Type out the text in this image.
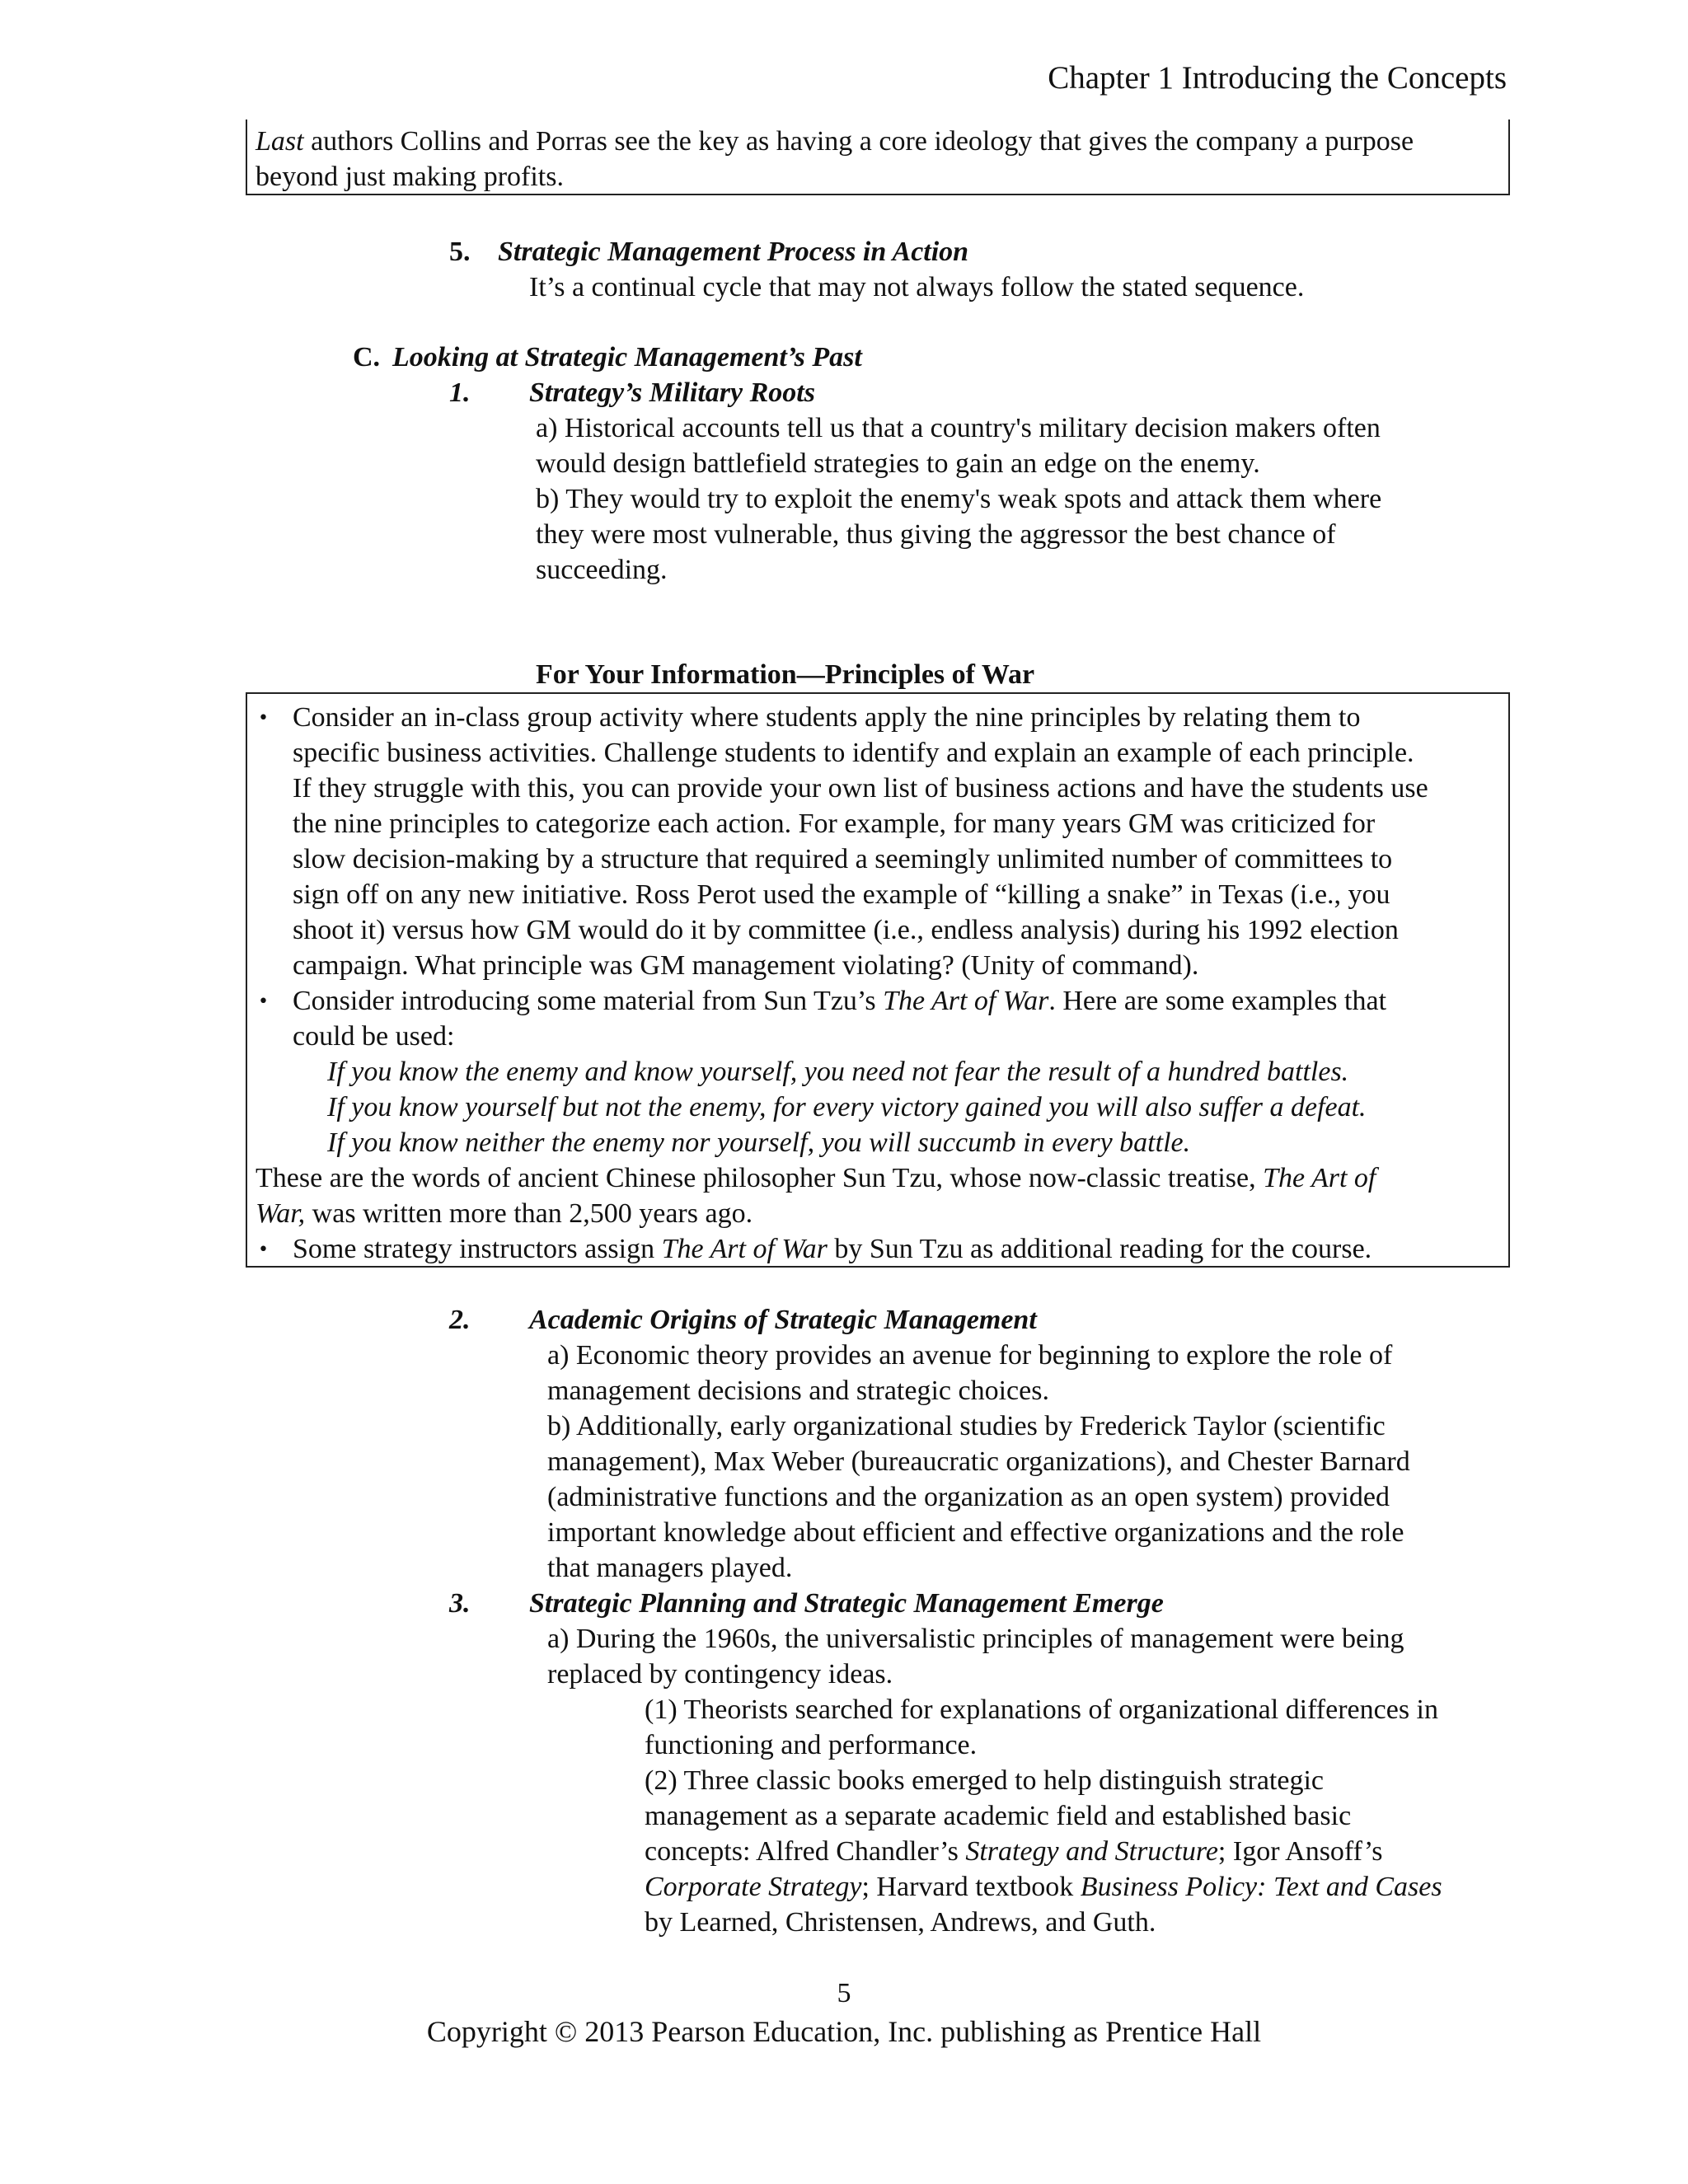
Chapter 1 Introducing the Concepts
Last authors Collins and Porras see the key as having a core ideology that gives the company a purpose
beyond just making profits.
5. Strategic Management Process in Action
It’s a continual cycle that may not always follow the stated sequence.
C. Looking at Strategic Management’s Past
1. Strategy’s Military Roots
a) Historical accounts tell us that a country's military decision makers often
would design battlefield strategies to gain an edge on the enemy.
b) They would try to exploit the enemy's weak spots and attack them where
they were most vulnerable, thus giving the aggressor the best chance of
succeeding.
For Your Information—Principles of War
• Consider an in-class group activity where students apply the nine principles by relating them to
specific business activities. Challenge students to identify and explain an example of each principle.
If they struggle with this, you can provide your own list of business actions and have the students use
the nine principles to categorize each action. For example, for many years GM was criticized for
slow decision-making by a structure that required a seemingly unlimited number of committees to
sign off on any new initiative. Ross Perot used the example of “killing a snake” in Texas (i.e., you
shoot it) versus how GM would do it by committee (i.e., endless analysis) during his 1992 election
campaign. What principle was GM management violating? (Unity of command).
• Consider introducing some material from Sun Tzu’s The Art of War. Here are some examples that
could be used:
If you know the enemy and know yourself, you need not fear the result of a hundred battles.
If you know yourself but not the enemy, for every victory gained you will also suffer a defeat.
If you know neither the enemy nor yourself, you will succumb in every battle.
These are the words of ancient Chinese philosopher Sun Tzu, whose now-classic treatise, The Art of
War, was written more than 2,500 years ago.
• Some strategy instructors assign The Art of War by Sun Tzu as additional reading for the course.
2. Academic Origins of Strategic Management
a) Economic theory provides an avenue for beginning to explore the role of
management decisions and strategic choices.
b) Additionally, early organizational studies by Frederick Taylor (scientific
management), Max Weber (bureaucratic organizations), and Chester Barnard
(administrative functions and the organization as an open system) provided
important knowledge about efficient and effective organizations and the role
that managers played.
3. Strategic Planning and Strategic Management Emerge
a) During the 1960s, the universalistic principles of management were being
replaced by contingency ideas.
(1) Theorists searched for explanations of organizational differences in
functioning and performance.
(2) Three classic books emerged to help distinguish strategic
management as a separate academic field and established basic
concepts: Alfred Chandler’s Strategy and Structure; Igor Ansoff’s
Corporate Strategy; Harvard textbook Business Policy: Text and Cases
by Learned, Christensen, Andrews, and Guth.
5
Copyright © 2013 Pearson Education, Inc. publishing as Prentice Hall
